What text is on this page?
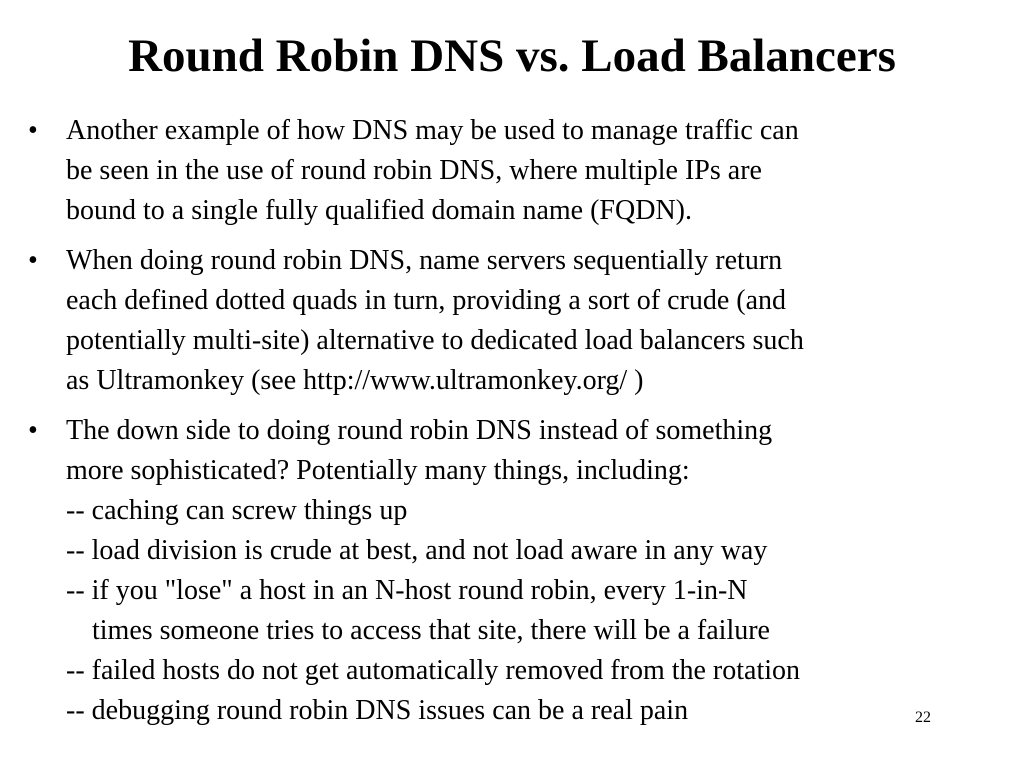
Round Robin DNS vs. Load Balancers
• Another example of how DNS may be used to manage traffic can
be seen in the use of round robin DNS, where multiple IPs are
bound to a single fully qualified domain name (FQDN).
• When doing round robin DNS, name servers sequentially return
each defined dotted quads in turn, providing a sort of crude (and
potentially multi-site) alternative to dedicated load balancers such
as Ultramonkey (see http://www.ultramonkey.org/ )
• The down side to doing round robin DNS instead of something
more sophisticated? Potentially many things, including:
-- caching can screw things up
-- load division is crude at best, and not load aware in any way
-- if you "lose" a host in an N-host round robin, every 1-in-N
times someone tries to access that site, there will be a failure
-- failed hosts do not get automatically removed from the rotation
-- debugging round robin DNS issues can be a real pain	22
